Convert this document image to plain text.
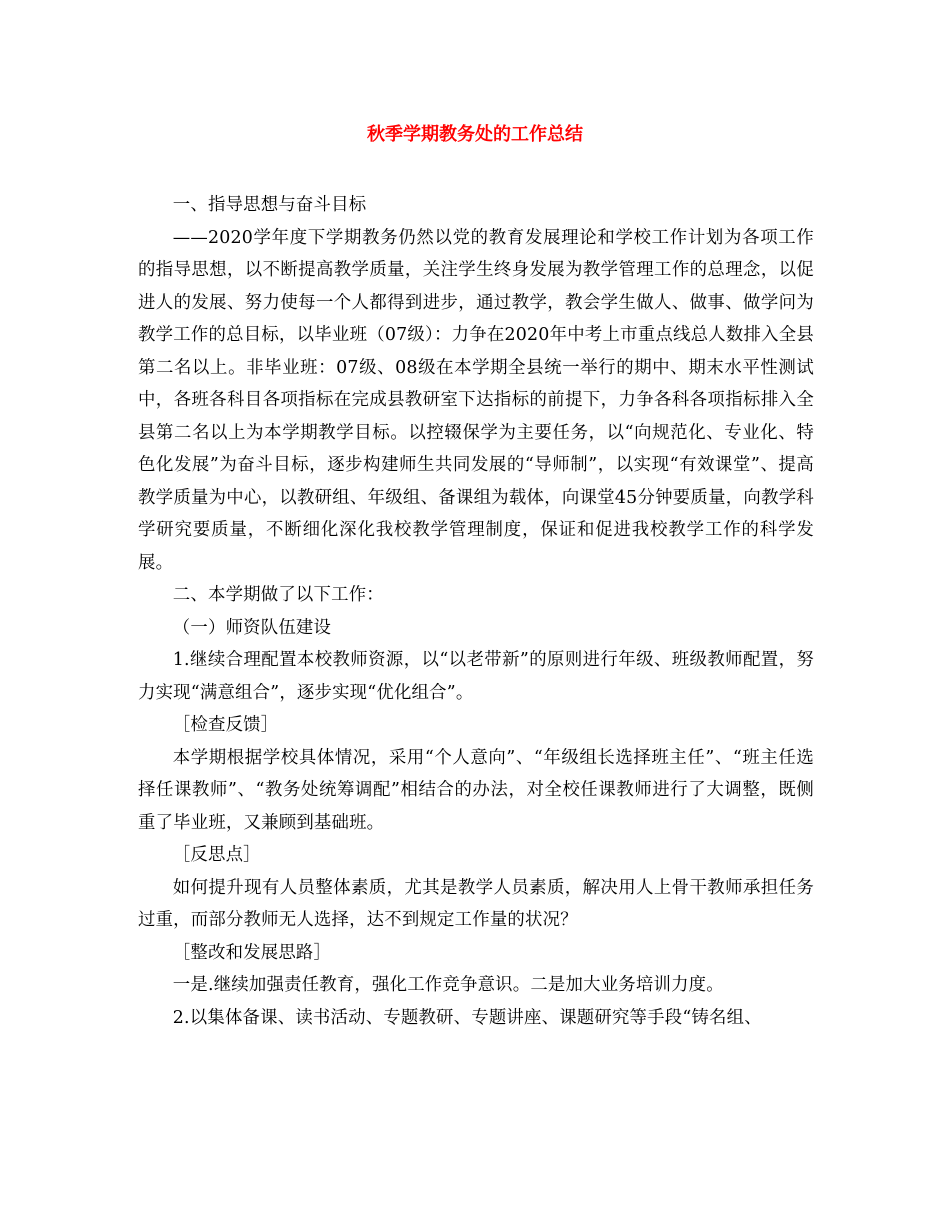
秋季学期教务处的工作总结

一、指导思想与奋斗目标

——2020学年度下学期教务仍然以党的教育发展理论和学校工作计划为各项工作的指导思想，以不断提高教学质量，关注学生终身发展为教学管理工作的总理念，以促进人的发展、努力使每一个人都得到进步，通过教学，教会学生做人、做事、做学问为教学工作的总目标，以毕业班（07级）：力争在2020年中考上市重点线总人数排入全县第二名以上。非毕业班：07级、08级在本学期全县统一举行的期中、期末水平性测试中，各班各科目各项指标在完成县教研室下达指标的前提下，力争各科各项指标排入全县第二名以上为本学期教学目标。以控辍保学为主要任务，以“向规范化、专业化、特色化发展”为奋斗目标，逐步构建师生共同发展的“导师制”，以实现“有效课堂”、提高教学质量为中心，以教研组、年级组、备课组为载体，向课堂45分钟要质量，向教学科学研究要质量，不断细化深化我校教学管理制度，保证和促进我校教学工作的科学发展。

二、本学期做了以下工作：

（一）师资队伍建设

1.继续合理配置本校教师资源，以“以老带新”的原则进行年级、班级教师配置，努力实现“满意组合”，逐步实现“优化组合”。

［检查反馈］

本学期根据学校具体情况，采用“个人意向”、“年级组长选择班主任”、“班主任选择任课教师”、“教务处统筹调配”相结合的办法，对全校任课教师进行了大调整，既侧重了毕业班，又兼顾到基础班。

［反思点］

如何提升现有人员整体素质，尤其是教学人员素质，解决用人上骨干教师承担任务过重，而部分教师无人选择，达不到规定工作量的状况？

［整改和发展思路］

一是.继续加强责任教育，强化工作竞争意识。二是加大业务培训力度。

2.以集体备课、读书活动、专题教研、专题讲座、课题研究等手段“铸名组、
